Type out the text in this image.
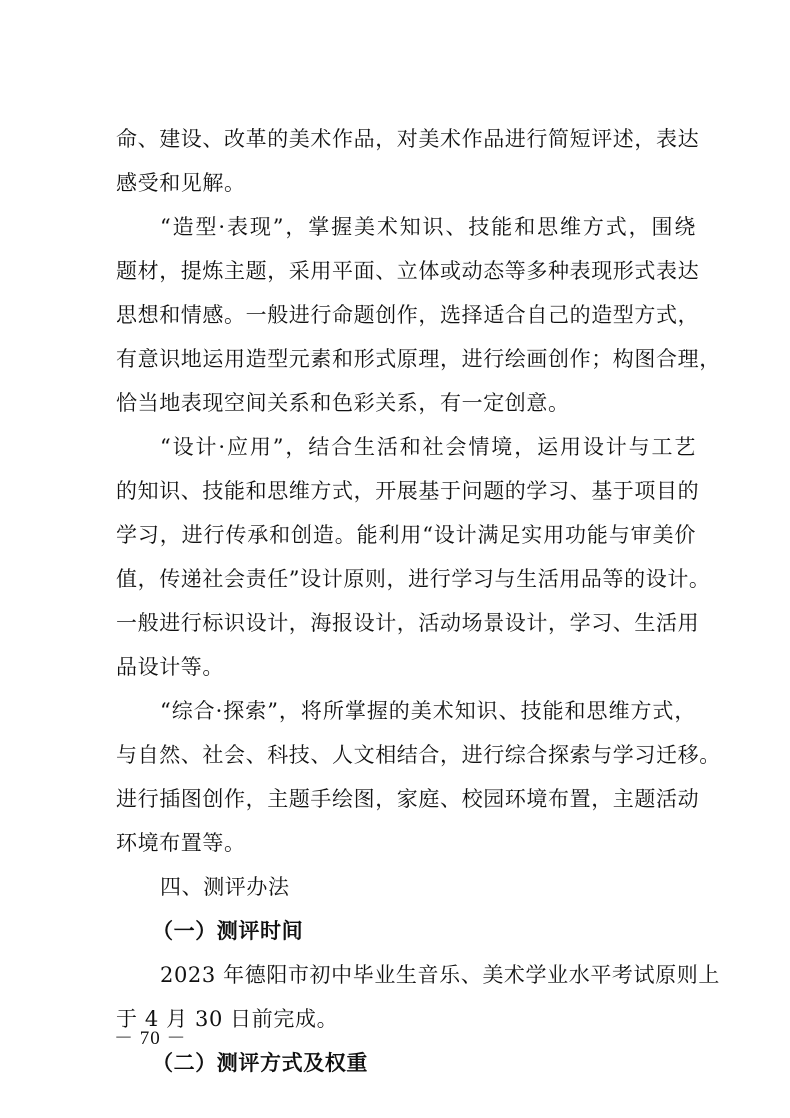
命、建设、改革的美术作品，对美术作品进行简短评述，表达
感受和见解。
“造型·表现”，掌握美术知识、技能和思维方式，围绕
题材，提炼主题，采用平面、立体或动态等多种表现形式表达
思想和情感。一般进行命题创作，选择适合自己的造型方式，
有意识地运用造型元素和形式原理，进行绘画创作；构图合理，
恰当地表现空间关系和色彩关系，有一定创意。
“设计·应用”，结合生活和社会情境，运用设计与工艺
的知识、技能和思维方式，开展基于问题的学习、基于项目的
学习，进行传承和创造。能利用“设计满足实用功能与审美价
值，传递社会责任”设计原则，进行学习与生活用品等的设计。
一般进行标识设计，海报设计，活动场景设计，学习、生活用
品设计等。
“综合·探索”，将所掌握的美术知识、技能和思维方式，
与自然、社会、科技、人文相结合，进行综合探索与学习迁移。
进行插图创作，主题手绘图，家庭、校园环境布置，主题活动
环境布置等。
四、测评办法
（一）测评时间
2023 年德阳市初中毕业生音乐、美术学业水平考试原则上
于 4 月 30 日前完成。
（二）测评方式及权重
－ 70 －
